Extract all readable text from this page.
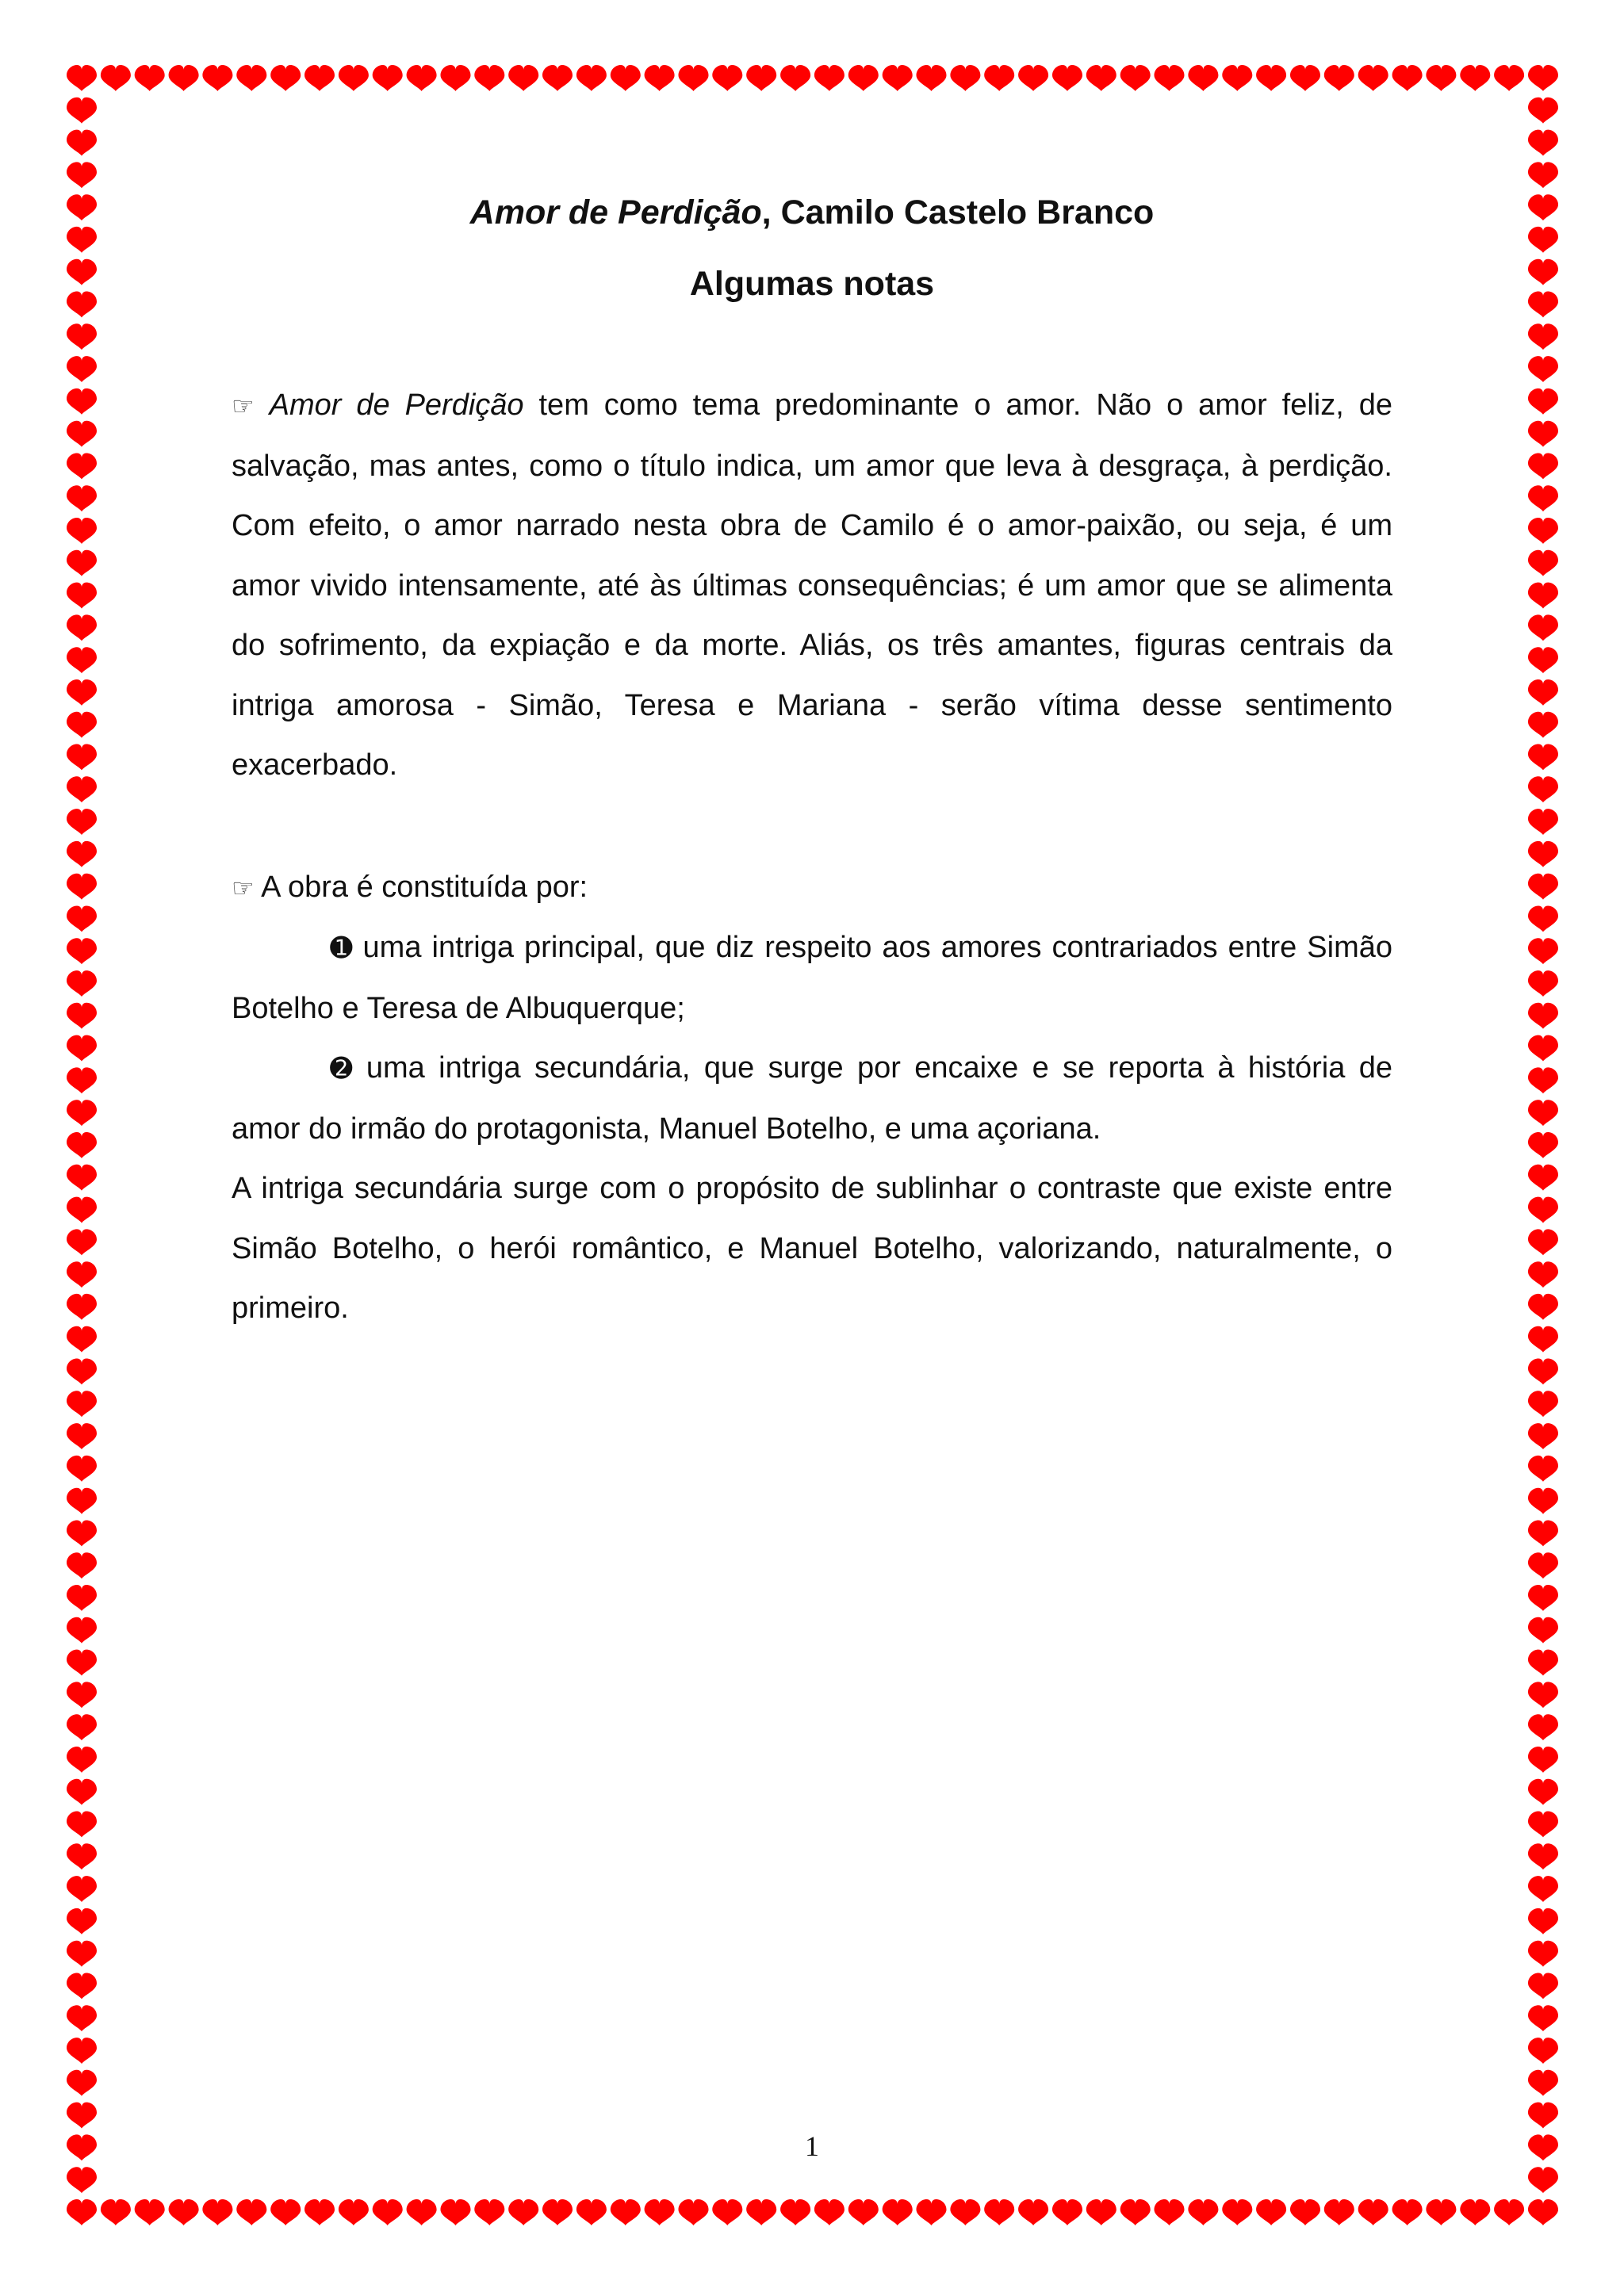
Amor de Perdição, Camilo Castelo Branco

Algumas notas

☞ Amor de Perdição tem como tema predominante o amor. Não o amor feliz, de salvação, mas antes, como o título indica, um amor que leva à desgraça, à perdição. Com efeito, o amor narrado nesta obra de Camilo é o amor-paixão, ou seja, é um amor vivido intensamente, até às últimas consequências; é um amor que se alimenta do sofrimento, da expiação e da morte. Aliás, os três amantes, figuras centrais da intriga amorosa - Simão, Teresa e Mariana - serão vítima desse sentimento exacerbado.

☞ A obra é constituída por:

➊ uma intriga principal, que diz respeito aos amores contrariados entre Simão Botelho e Teresa de Albuquerque;

➋ uma intriga secundária, que surge por encaixe e se reporta à história de amor do irmão do protagonista, Manuel Botelho, e uma açoriana.

A intriga secundária surge com o propósito de sublinhar o contraste que existe entre Simão Botelho, o herói romântico, e Manuel Botelho, valorizando, naturalmente, o primeiro.

1
